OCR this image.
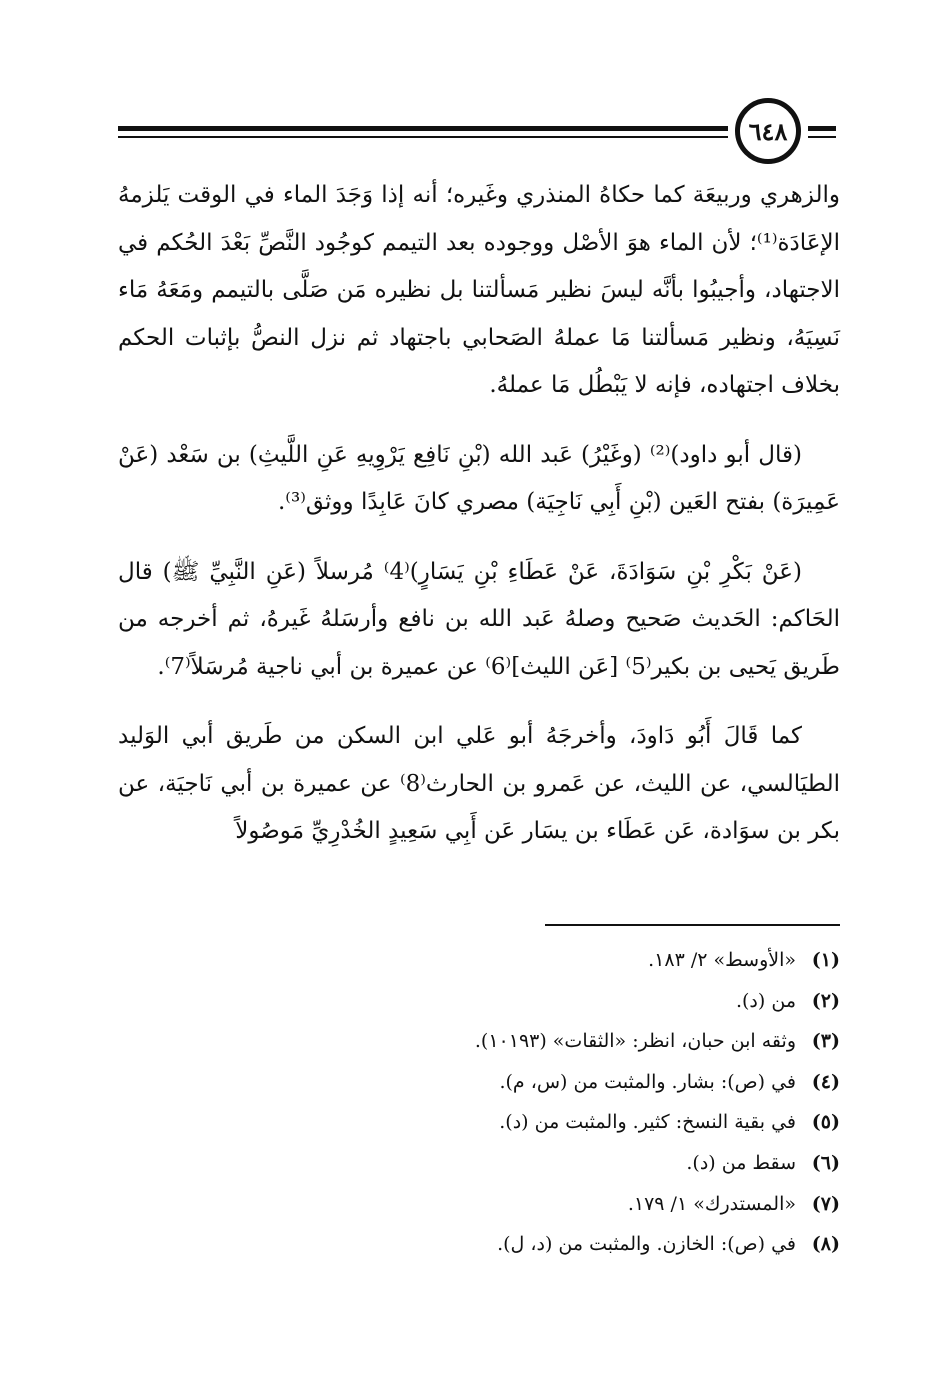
٦٤٨

والزهري وربيعَة كما حكاهُ المنذري وغَيره؛ أنه إذا وَجَدَ الماء في الوقت يَلزمهُ الإعَادَة⁽¹⁾؛ لأن الماء هوَ الأصْل ووجوده بعد التيمم كوجُود النَّصِّ بَعْدَ الحُكم في الاجتهاد، وأجيبُوا بأنَّه ليسَ نظير مَسألتنا بل نظيره مَن صَلَّى بالتيمم ومَعَهُ مَاء نَسِيَهُ، ونظير مَسألتنا مَا عملهُ الصَحابي باجتهاد ثم نزل النصُّ بإثبات الحكم بخلاف اجتهاده، فإنه لا يَبْطُل مَا عملهُ.

(قال أبو داود)⁽²⁾ (وغَيْرُ) عَبد الله (بْنِ نَافِع يَرْوِيهِ عَنِ اللَّيثِ) بن سَعْد (عَنْ عَمِيرَة) بفتح العَين (بْنِ أَبِي نَاجِيَة) مصري كانَ عَابِدًا ووثق⁽³⁾.

(عَنْ بَكْرِ بْنِ سَوَادَةَ، عَنْ عَطَاءِ بْنِ يَسَارٍ)⁽4⁾ مُرسلاً (عَنِ النَّبِيِّ ﷺ) قال الحَاكم: الحَديث صَحيح وصلهُ عَبد الله بن نافع وأرسَلهُ غَيرهُ، ثم أخرجه من طَريق يَحيى بن بكير⁽5⁾ [عَن الليث]⁽6⁾ عن عميرة بن أبي ناجية مُرسَلاً⁽7⁾.

كما قَالَ أَبُو دَاودَ، وأخرجَهُ أبو عَلي ابن السكن من طَريق أبي الوَليد الطيَالسي، عن الليث، عن عَمرو بن الحارث⁽8⁾ عن عميرة بن أبي نَاجيَة، عن بكر بن سوَادة، عَن عَطَاء بن يسَار عَن أَبِي سَعِيدٍ الخُدْرِيِّ مَوصُولاً

(١)
«الأوسط» ٢/ ١٨٣.
(٢)
من (د).
(٣)
وثقه ابن حبان، انظر: «الثقات» (١٠١٩٣).
(٤)
في (ص): بشار. والمثبت من (س، م).
(٥)
في بقية النسخ: كثير. والمثبت من (د).
(٦)
سقط من (د).
(٧)
«المستدرك» ١/ ١٧٩.
(٨)
في (ص): الخازن. والمثبت من (د، ل).
